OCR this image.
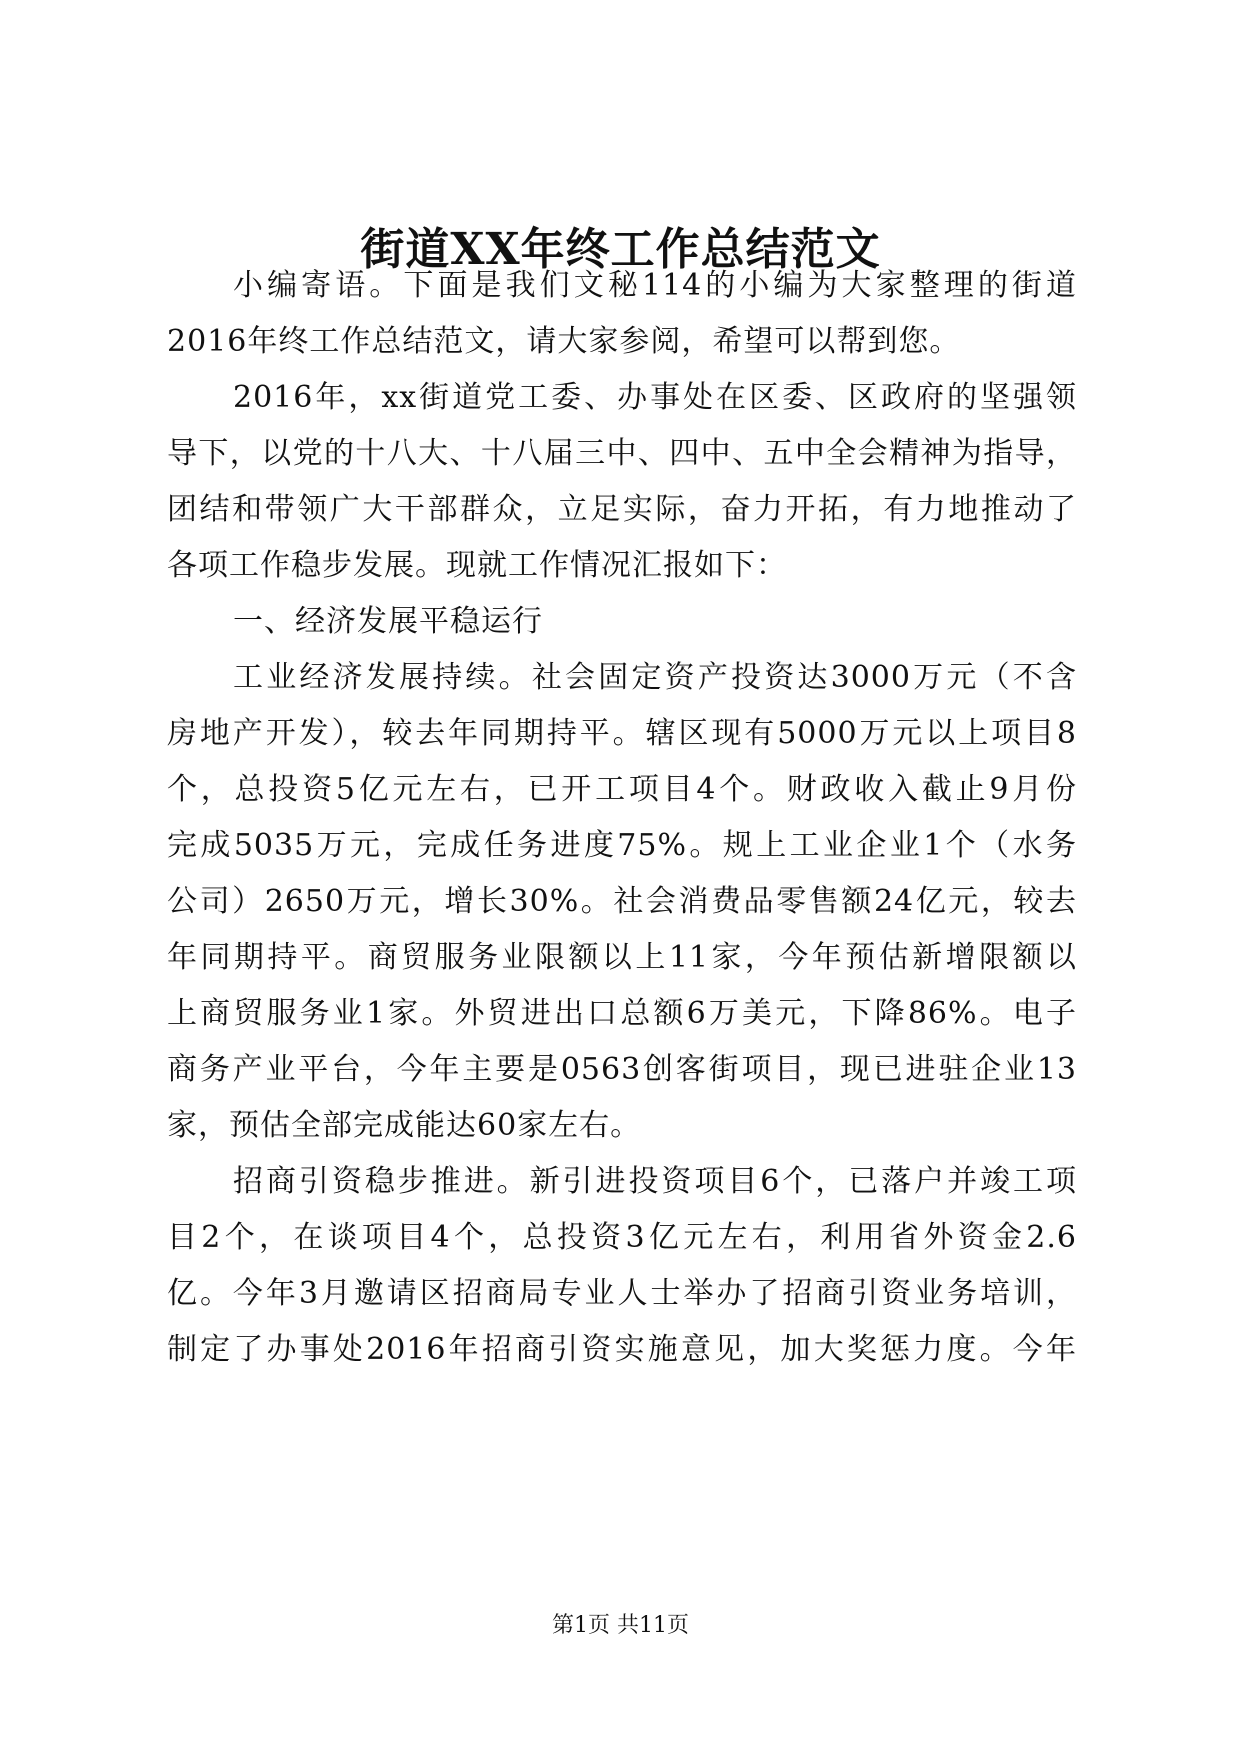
街道XX年终工作总结范文
小编寄语。下面是我们文秘114的小编为大家整理的街道
2016年终工作总结范文，请大家参阅，希望可以帮到您。
2016年，xx街道党工委、办事处在区委、区政府的坚强领
导下，以党的十八大、十八届三中、四中、五中全会精神为指导，
团结和带领广大干部群众，立足实际，奋力开拓，有力地推动了
各项工作稳步发展。现就工作情况汇报如下：
一、经济发展平稳运行
工业经济发展持续。社会固定资产投资达3000万元（不含
房地产开发），较去年同期持平。辖区现有5000万元以上项目8
个，总投资5亿元左右，已开工项目4个。财政收入截止9月份
完成5035万元，完成任务进度75%。规上工业企业1个（水务
公司）2650万元，增长30%。社会消费品零售额24亿元，较去
年同期持平。商贸服务业限额以上11家，今年预估新增限额以
上商贸服务业1家。外贸进出口总额6万美元，下降86%。电子
商务产业平台，今年主要是0563创客街项目，现已进驻企业13
家，预估全部完成能达60家左右。
招商引资稳步推进。新引进投资项目6个，已落户并竣工项
目2个，在谈项目4个，总投资3亿元左右，利用省外资金2.6
亿。今年3月邀请区招商局专业人士举办了招商引资业务培训，
制定了办事处2016年招商引资实施意见，加大奖惩力度。今年
第1页 共11页
